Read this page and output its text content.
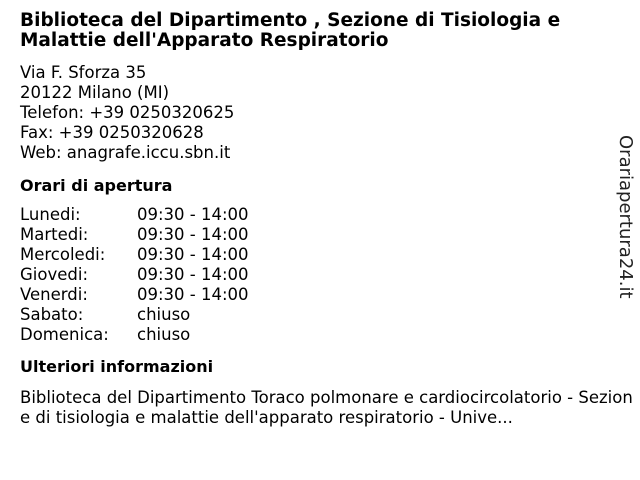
Biblioteca del Dipartimento , Sezione di Tisiologia e Malattie dell'Apparato Respiratorio
Via F. Sforza 35
20122 Milano (MI)
Telefon: +39 0250320625
Fax: +39 0250320628
Web: anagrafe.iccu.sbn.it
Orari di apertura
Lunedi:	09:30 - 14:00
Martedi:	09:30 - 14:00
Mercoledi:	09:30 - 14:00
Giovedi:	09:30 - 14:00
Venerdi:	09:30 - 14:00
Sabato:	chiuso
Domenica:	chiuso
Ulteriori informazioni
Biblioteca del Dipartimento Toraco polmonare e cardiocircolatorio - Sezione di tisiologia e malattie dell'apparato respiratorio - Unive...
Orariapertura24.it
